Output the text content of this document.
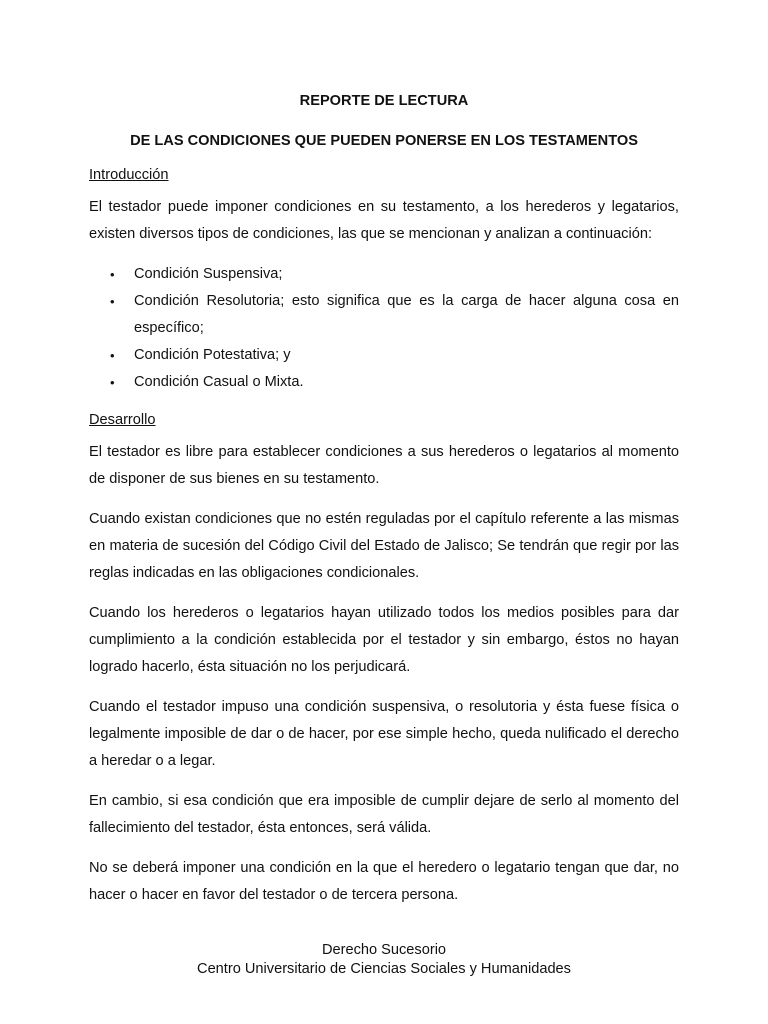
REPORTE DE LECTURA
DE LAS CONDICIONES QUE PUEDEN PONERSE EN LOS TESTAMENTOS
Introducción

El testador puede imponer condiciones en su testamento, a los herederos y legatarios, existen diversos tipos de condiciones, las que se mencionan y analizan a continuación:

• Condición Suspensiva;
• Condición Resolutoria; esto significa que es la carga de hacer alguna cosa en específico;
• Condición Potestativa; y
• Condición Casual o Mixta.
Desarrollo

El testador es libre para establecer condiciones a sus herederos o legatarios al momento de disponer de sus bienes en su testamento.

Cuando existan condiciones que no estén reguladas por el capítulo referente a las mismas en materia de sucesión del Código Civil del Estado de Jalisco; Se tendrán que regir por las reglas indicadas en las obligaciones condicionales.

Cuando los herederos o legatarios hayan utilizado todos los medios posibles para dar cumplimiento a la condición establecida por el testador y sin embargo, éstos no hayan logrado hacerlo, ésta situación no los perjudicará.

Cuando el testador impuso una condición suspensiva, o resolutoria y ésta fuese física o legalmente imposible de dar o de hacer, por ese simple hecho, queda nulificado el derecho a heredar o a legar.

En cambio, si esa condición que era imposible de cumplir dejare de serlo al momento del fallecimiento del testador, ésta entonces, será válida.

No se deberá imponer una condición en la que el heredero o legatario tengan que dar, no hacer o hacer en favor del testador o de tercera persona.

Derecho Sucesorio
Centro Universitario de Ciencias Sociales y Humanidades
